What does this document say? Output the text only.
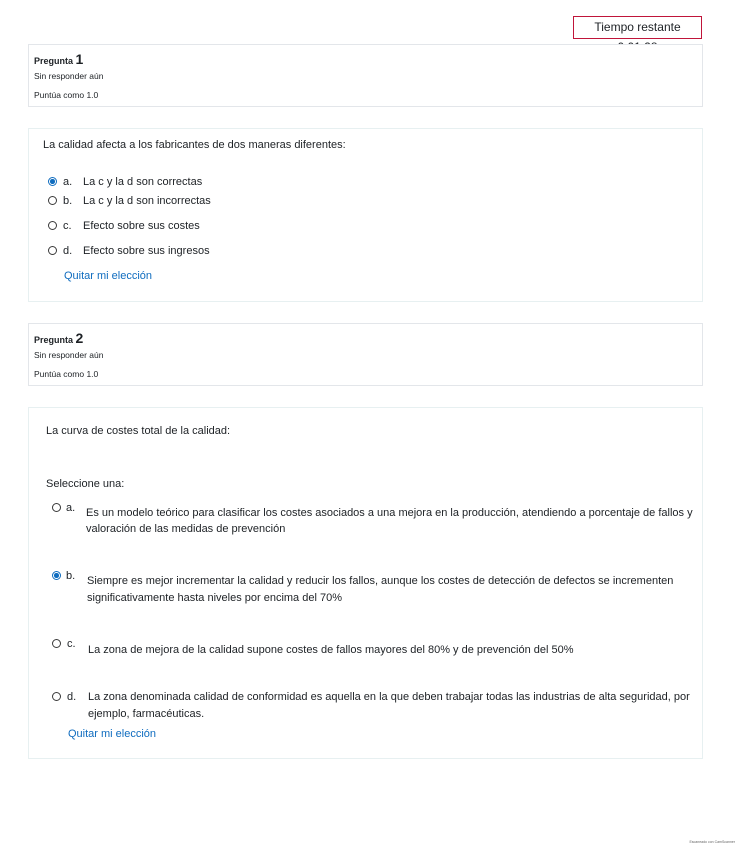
Tiempo restante
Pregunta 1
Sin responder aún
Puntúa como 1.0
La calidad afecta a los fabricantes de dos maneras diferentes:
a. La c y la d son correctas
b. La c y la d son incorrectas
c. Efecto sobre sus costes
d. Efecto sobre sus ingresos
Quitar mi elección
Pregunta 2
Sin responder aún
Puntúa como 1.0
La curva de costes total de la calidad:
Seleccione una:
a. Es un modelo teórico para clasificar los costes asociados a una mejora en la producción, atendiendo a porcentaje de fallos y
valoración de las medidas de prevención
b. Siempre es mejor incrementar la calidad y reducir los fallos, aunque los costes de detección de defectos se incrementen
significativamente hasta niveles por encima del 70%
c. La zona de mejora de la calidad supone costes de fallos mayores del 80% y de prevención del 50%
d. La zona denominada calidad de conformidad es aquella en la que deben trabajar todas las industrias de alta seguridad, por
ejemplo, farmacéuticas.
Quitar mi elección
Escaneado con CamScanner
